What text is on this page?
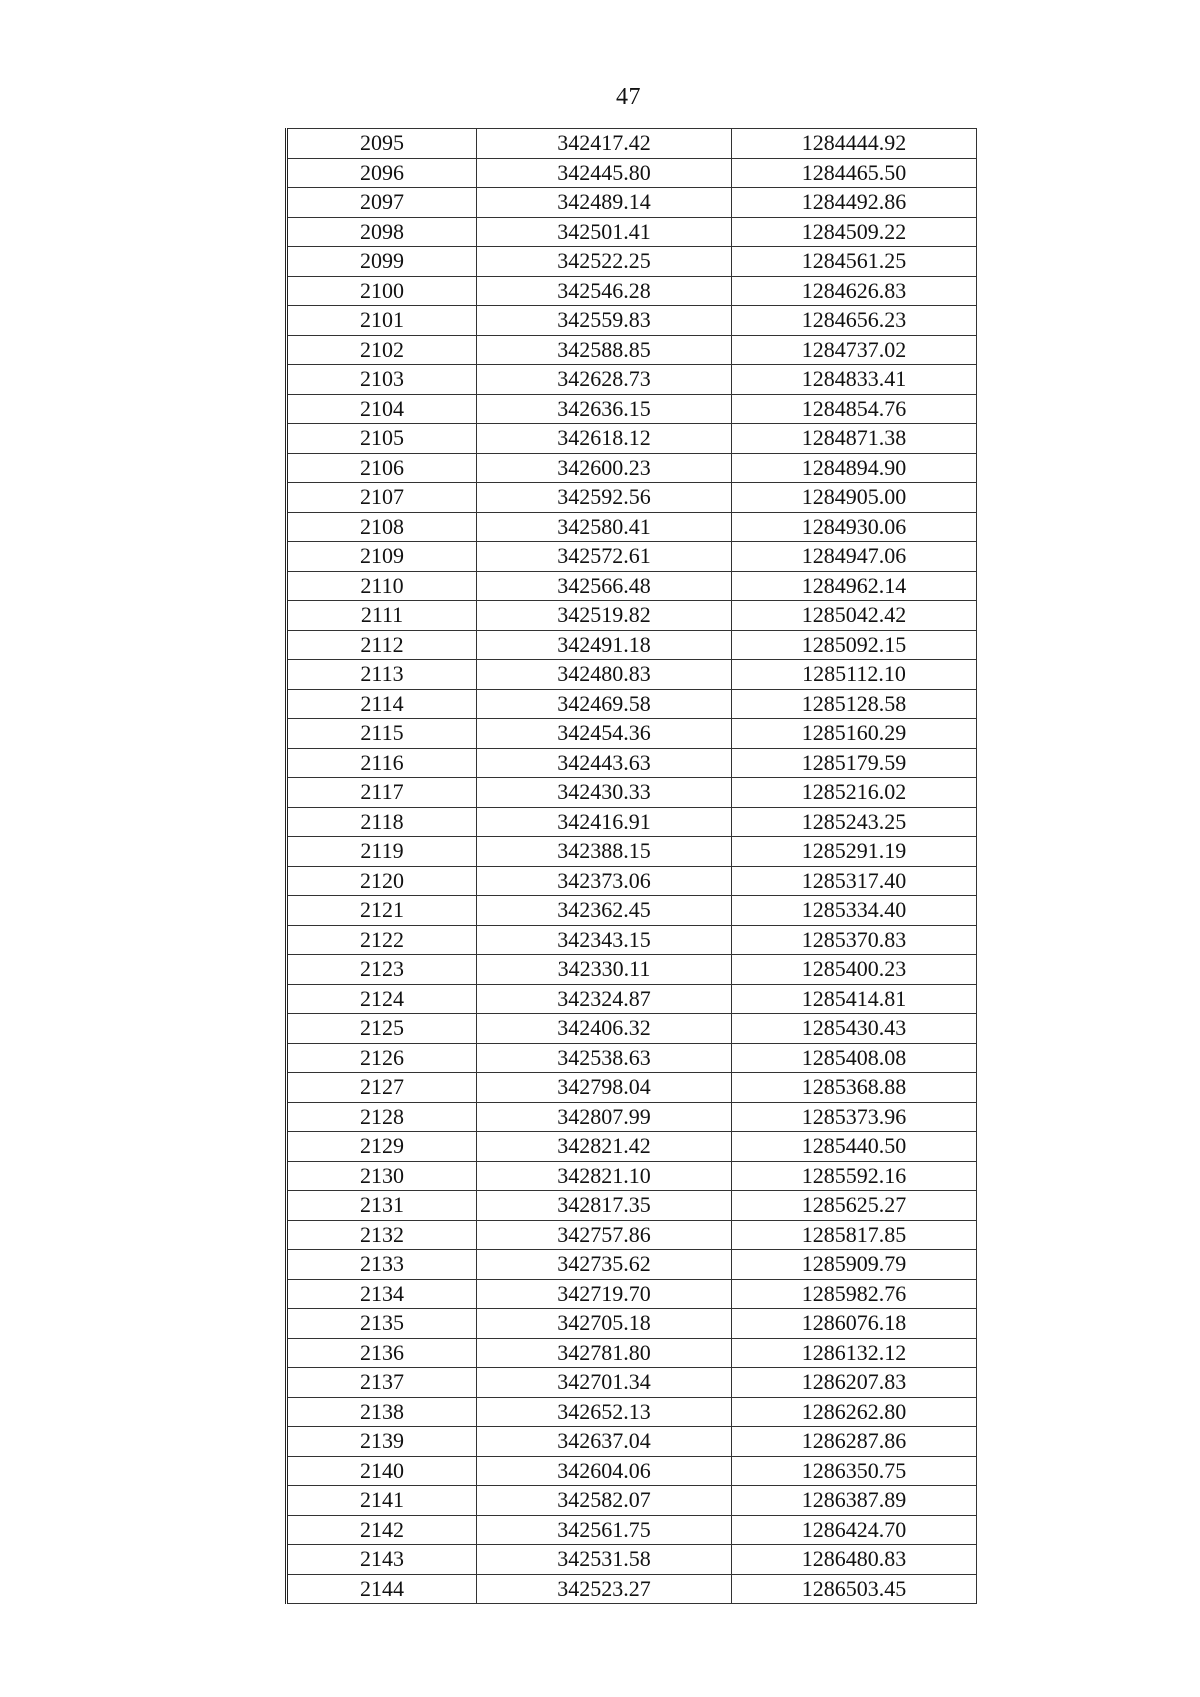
47
2095	342417.42	1284444.92
2096	342445.80	1284465.50
2097	342489.14	1284492.86
2098	342501.41	1284509.22
2099	342522.25	1284561.25
2100	342546.28	1284626.83
2101	342559.83	1284656.23
2102	342588.85	1284737.02
2103	342628.73	1284833.41
2104	342636.15	1284854.76
2105	342618.12	1284871.38
2106	342600.23	1284894.90
2107	342592.56	1284905.00
2108	342580.41	1284930.06
2109	342572.61	1284947.06
2110	342566.48	1284962.14
2111	342519.82	1285042.42
2112	342491.18	1285092.15
2113	342480.83	1285112.10
2114	342469.58	1285128.58
2115	342454.36	1285160.29
2116	342443.63	1285179.59
2117	342430.33	1285216.02
2118	342416.91	1285243.25
2119	342388.15	1285291.19
2120	342373.06	1285317.40
2121	342362.45	1285334.40
2122	342343.15	1285370.83
2123	342330.11	1285400.23
2124	342324.87	1285414.81
2125	342406.32	1285430.43
2126	342538.63	1285408.08
2127	342798.04	1285368.88
2128	342807.99	1285373.96
2129	342821.42	1285440.50
2130	342821.10	1285592.16
2131	342817.35	1285625.27
2132	342757.86	1285817.85
2133	342735.62	1285909.79
2134	342719.70	1285982.76
2135	342705.18	1286076.18
2136	342781.80	1286132.12
2137	342701.34	1286207.83
2138	342652.13	1286262.80
2139	342637.04	1286287.86
2140	342604.06	1286350.75
2141	342582.07	1286387.89
2142	342561.75	1286424.70
2143	342531.58	1286480.83
2144	342523.27	1286503.45
